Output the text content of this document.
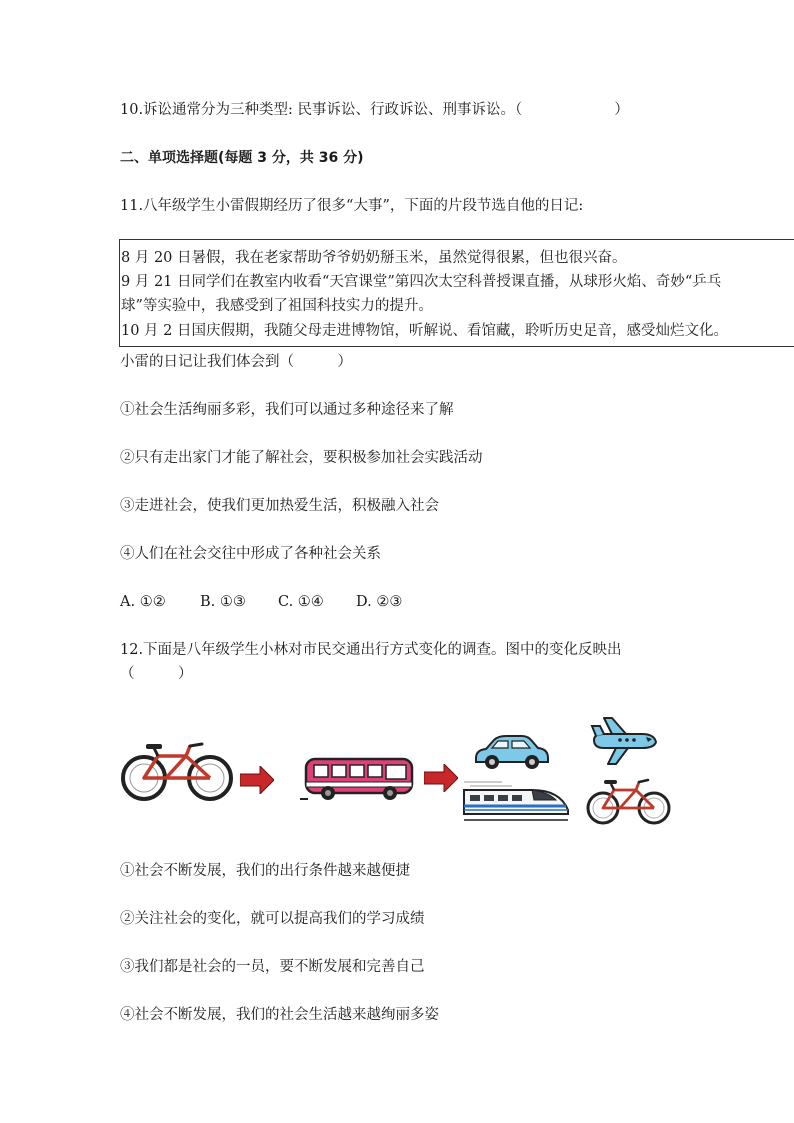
10.诉讼通常分为三种类型: 民事诉讼、行政诉讼、刑事诉讼。（	）
二、单项选择题(每题 3 分，共 36 分)
11.八年级学生小雷假期经历了很多“大事”，下面的片段节选自他的日记:
8 月 20 日暑假，我在老家帮助爷爷奶奶掰玉米，虽然觉得很累，但也很兴奋。
9 月 21 日同学们在教室内收看“天宫课堂”第四次太空科普授课直播，从球形火焰、奇妙“乒乓
球”等实验中，我感受到了祖国科技实力的提升。
10 月 2 日国庆假期，我随父母走进博物馆，听解说、看馆藏，聆听历史足音，感受灿烂文化。
小雷的日记让我们体会到（　　　）
①社会生活绚丽多彩，我们可以通过多种途径来了解
②只有走出家门才能了解社会，要积极参加社会实践活动
③走进社会，使我们更加热爱生活，积极融入社会
④人们在社会交往中形成了各种社会关系
A. ①② B. ①③ C. ①④ D. ②③
12.下面是八年级学生小林对市民交通出行方式变化的调查。图中的变化反映出
（　　　）
①社会不断发展，我们的出行条件越来越便捷
②关注社会的变化，就可以提高我们的学习成绩
③我们都是社会的一员，要不断发展和完善自己
④社会不断发展，我们的社会生活越来越绚丽多姿
